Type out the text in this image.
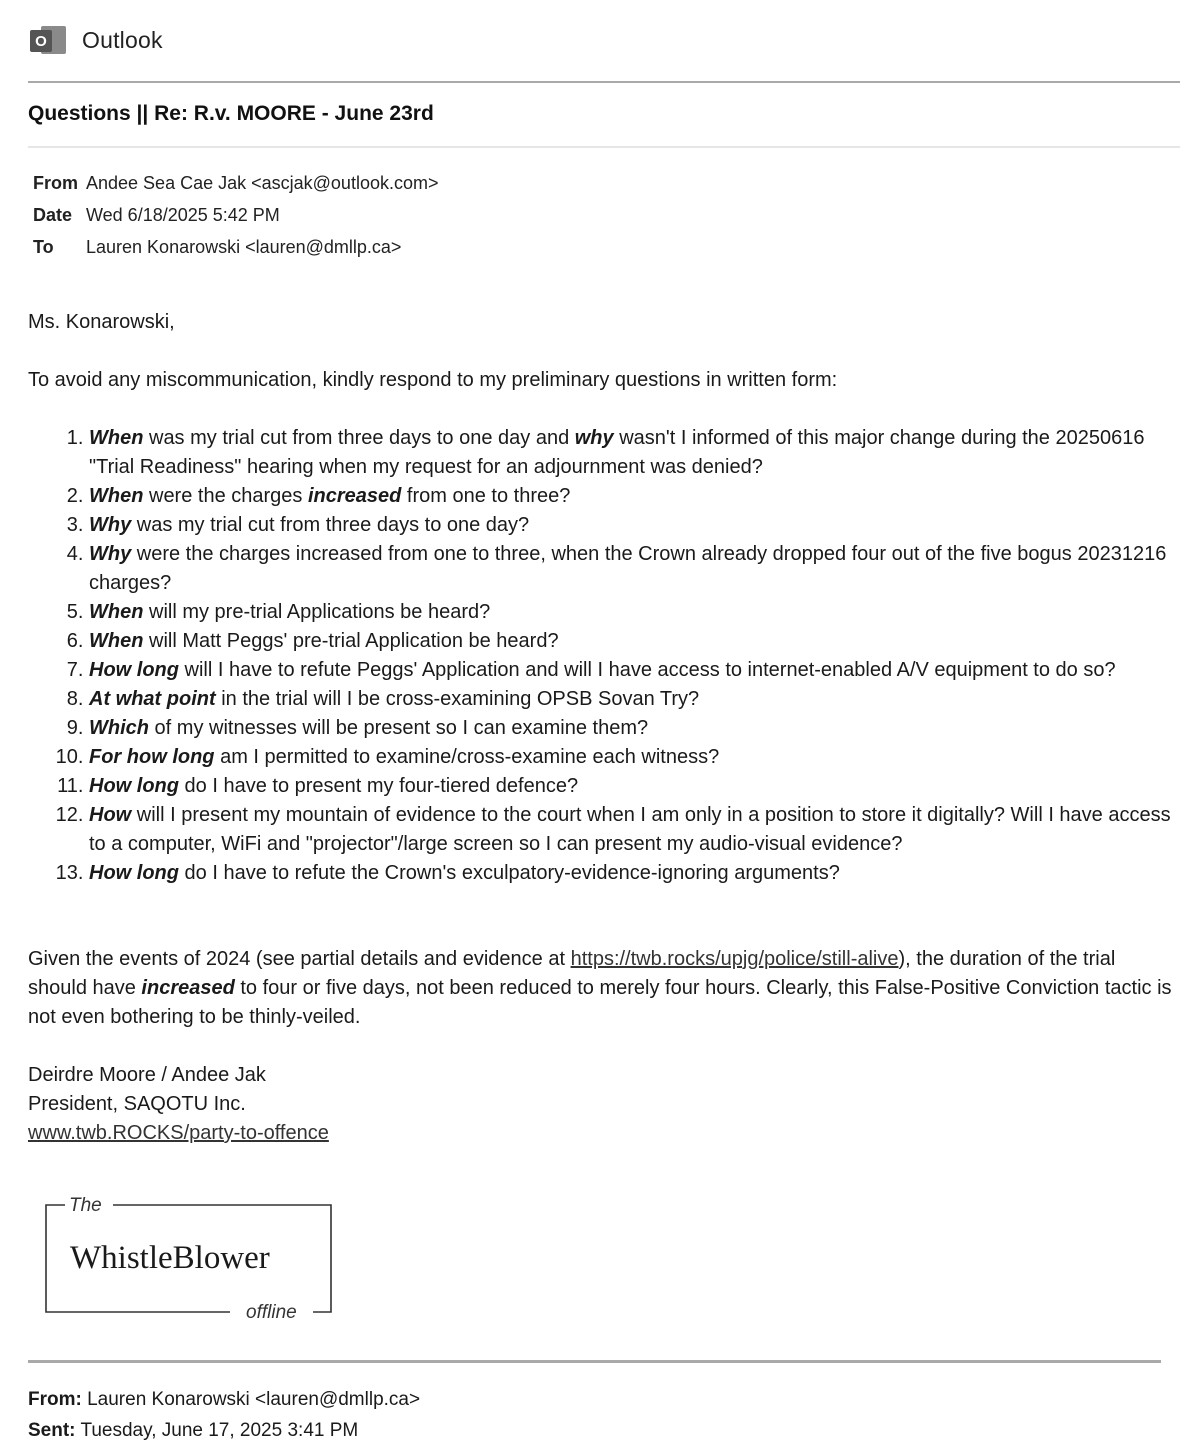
O Outlook
Questions || Re: R.v. MOORE - June 23rd
From Andee Sea Cae Jak <ascjak@outlook.com>
Date Wed 6/18/2025 5:42 PM
To	Lauren Konarowski <lauren@dmllp.ca>
Ms. Konarowski,
To avoid any miscommunication, kindly respond to my preliminary questions in written form:
1. When was my trial cut from three days to one day and why wasn't I informed of this major change during the 20250616 "Trial Readiness" hearing when my request for an adjournment was denied?
2. When were the charges increased from one to three?
3. Why was my trial cut from three days to one day?
4. Why were the charges increased from one to three, when the Crown already dropped four out of the five bogus 20231216 charges?
5. When will my pre-trial Applications be heard?
6. When will Matt Peggs' pre-trial Application be heard?
7. How long will I have to refute Peggs' Application and will I have access to internet-enabled A/V equipment to do so?
8. At what point in the trial will I be cross-examining OPSB Sovan Try?
9. Which of my witnesses will be present so I can examine them?
10. For how long am I permitted to examine/cross-examine each witness?
11. How long do I have to present my four-tiered defence?
12. How will I present my mountain of evidence to the court when I am only in a position to store it digitally? Will I have access to a computer, WiFi and "projector"/large screen so I can present my audio-visual evidence?
13. How long do I have to refute the Crown's exculpatory-evidence-ignoring arguments?
Given the events of 2024 (see partial details and evidence at https://twb.rocks/upjg/police/still-alive), the duration of the trial should have increased to four or five days, not been reduced to merely four hours. Clearly, this False-Positive Conviction tactic is not even bothering to be thinly-veiled.
Deirdre Moore / Andee Jak
President, SAQOTU Inc.
www.twb.ROCKS/party-to-offence
The
WhistleBlower
offline
From: Lauren Konarowski <lauren@dmllp.ca>
Sent: Tuesday, June 17, 2025 3:41 PM
